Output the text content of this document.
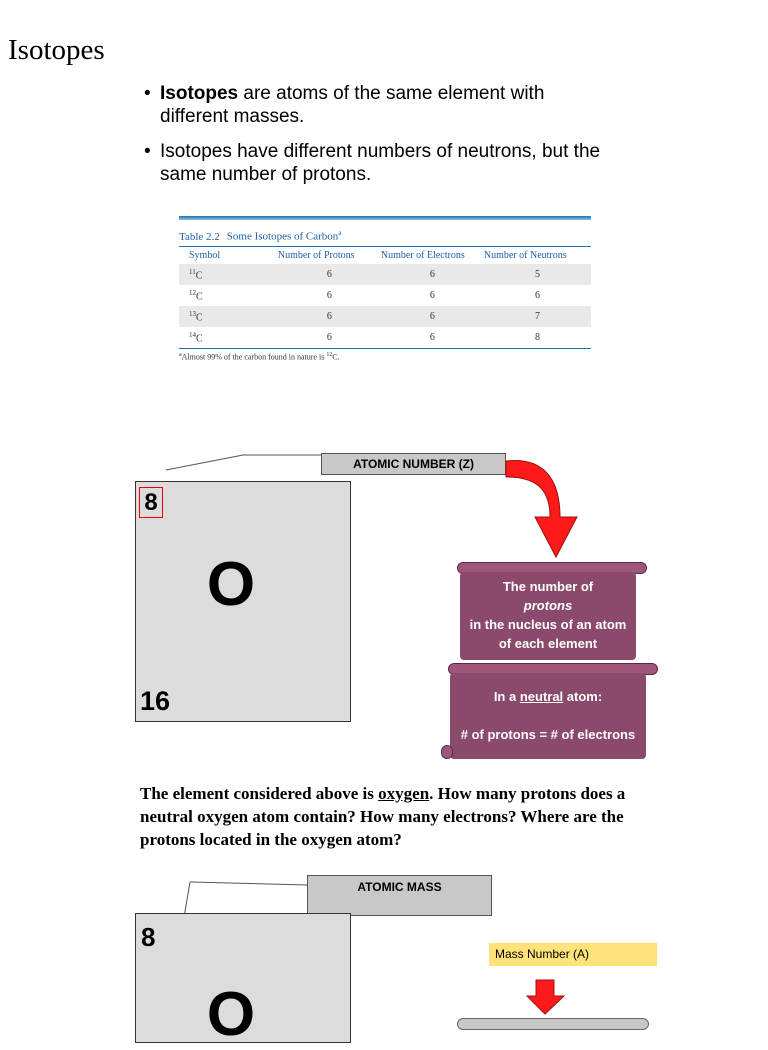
Isotopes
• Isotopes are atoms of the same element with different masses.
• Isotopes have different numbers of neutrons, but the same number of protons.
Table 2.2 Some Isotopes of Carbon$^a$
Symbol	Number of Protons	Number of Electrons	Number of Neutrons
$^{11}$C	6	6	5
$^{12}$C	6	6	6
$^{13}$C	6	6	7
$^{14}$C	6	6	8
$^a$Almost 99% of the carbon found in nature is $^{12}$C.
ATOMIC NUMBER (Z)
8
O
16
The number of
protons
in the nucleus of an atom
of each element
In a neutral atom:
# of protons = # of electrons
The element considered above is oxygen. How many protons does a neutral oxygen atom contain? How many electrons? Where are the protons located in the oxygen atom?
ATOMIC MASS
8
O
Mass Number (A)
